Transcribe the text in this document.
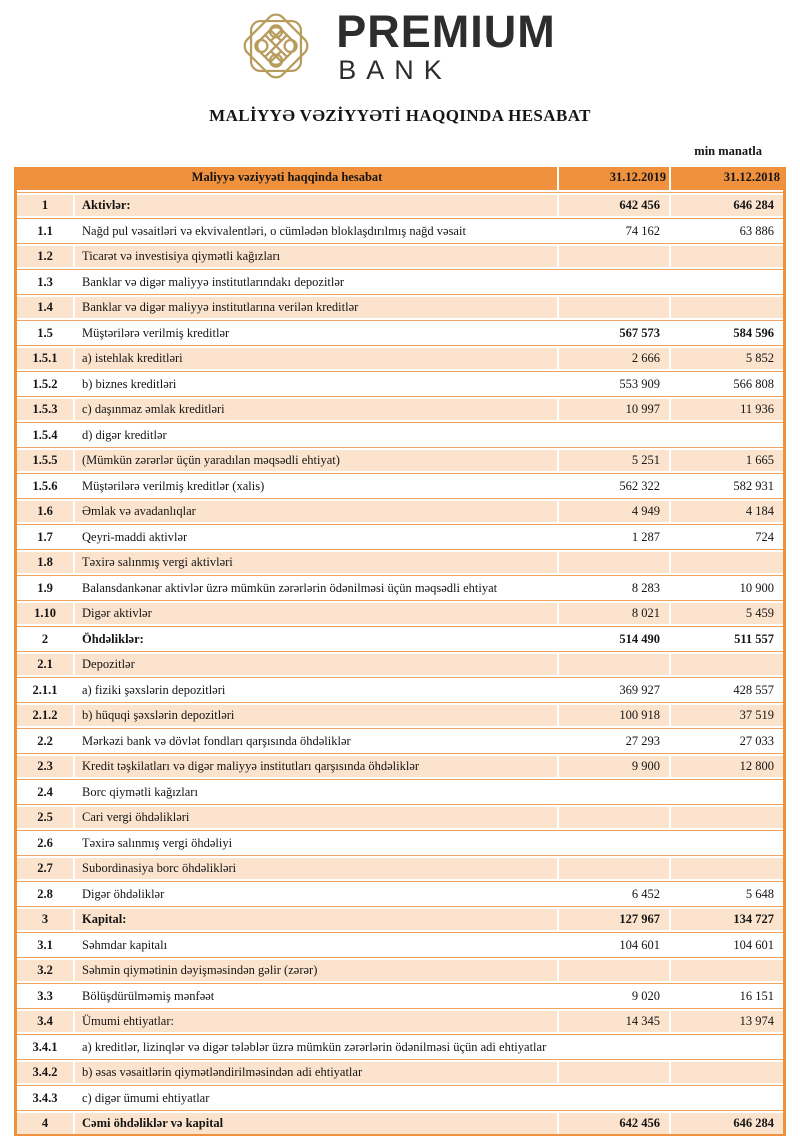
PREMIUM
BANK
MALİYYƏ VƏZİYYƏTİ HAQQINDA HESABAT
min manatla
Maliyyə vəziyyəti haqqinda hesabat	31.12.2019	31.12.2018
1	Aktivlər:	642 456	646 284
1.1	Nağd pul vəsaitləri və ekvivalentləri, o cümlədən bloklaşdırılmış nağd vəsait	74 162	63 886
1.2	Ticarət və investisiya qiymətli kağızları
1.3	Banklar və digər maliyyə institutlarındakı depozitlər
1.4	Banklar və digər maliyyə institutlarına verilən kreditlər
1.5	Müştərilərə verilmiş kreditlər	567 573	584 596
1.5.1	a) istehlak kreditləri	2 666	5 852
1.5.2	b) biznes kreditləri	553 909	566 808
1.5.3	c) daşınmaz əmlak kreditləri	10 997	11 936
1.5.4	d) digər kreditlər
1.5.5	(Mümkün zərərlər üçün yaradılan məqsədli ehtiyat)	5 251	1 665
1.5.6	Müştərilərə verilmiş kreditlər (xalis)	562 322	582 931
1.6	Əmlak və avadanlıqlar	4 949	4 184
1.7	Qeyri-maddi aktivlər	1 287	724
1.8	Təxirə salınmış vergi aktivləri
1.9	Balansdankənar aktivlər üzrə mümkün zərərlərin ödənilməsi üçün məqsədli ehtiyat	8 283	10 900
1.10	Digər aktivlər	8 021	5 459
2	Öhdəliklər:	514 490	511 557
2.1	Depozitlər
2.1.1	a) fiziki şəxslərin depozitləri	369 927	428 557
2.1.2	b) hüquqi şəxslərin depozitləri	100 918	37 519
2.2	Mərkəzi bank və dövlət fondları qarşısında öhdəliklər	27 293	27 033
2.3	Kredit təşkilatları və digər maliyyə institutları qarşısında öhdəliklər	9 900	12 800
2.4	Borc qiymətli kağızları
2.5	Cari vergi öhdəlikləri
2.6	Təxirə salınmış vergi öhdəliyi
2.7	Subordinasiya borc öhdəlikləri
2.8	Digər öhdəliklər	6 452	5 648
3	Kapital:	127 967	134 727
3.1	Səhmdar kapitalı	104 601	104 601
3.2	Səhmin qiymətinin dəyişməsindən gəlir (zərər)
3.3	Bölüşdürülməmiş mənfəət	9 020	16 151
3.4	Ümumi ehtiyatlar:	14 345	13 974
3.4.1	a) kreditlər, lizinqlər və digər tələblər üzrə mümkün zərərlərin ödənilməsi üçün adi ehtiyatlar
3.4.2	b) əsas vəsaitlərin qiymətləndirilməsindən adi ehtiyatlar
3.4.3	c) digər ümumi ehtiyatlar
4	Cəmi öhdəliklər və kapital	642 456	646 284
